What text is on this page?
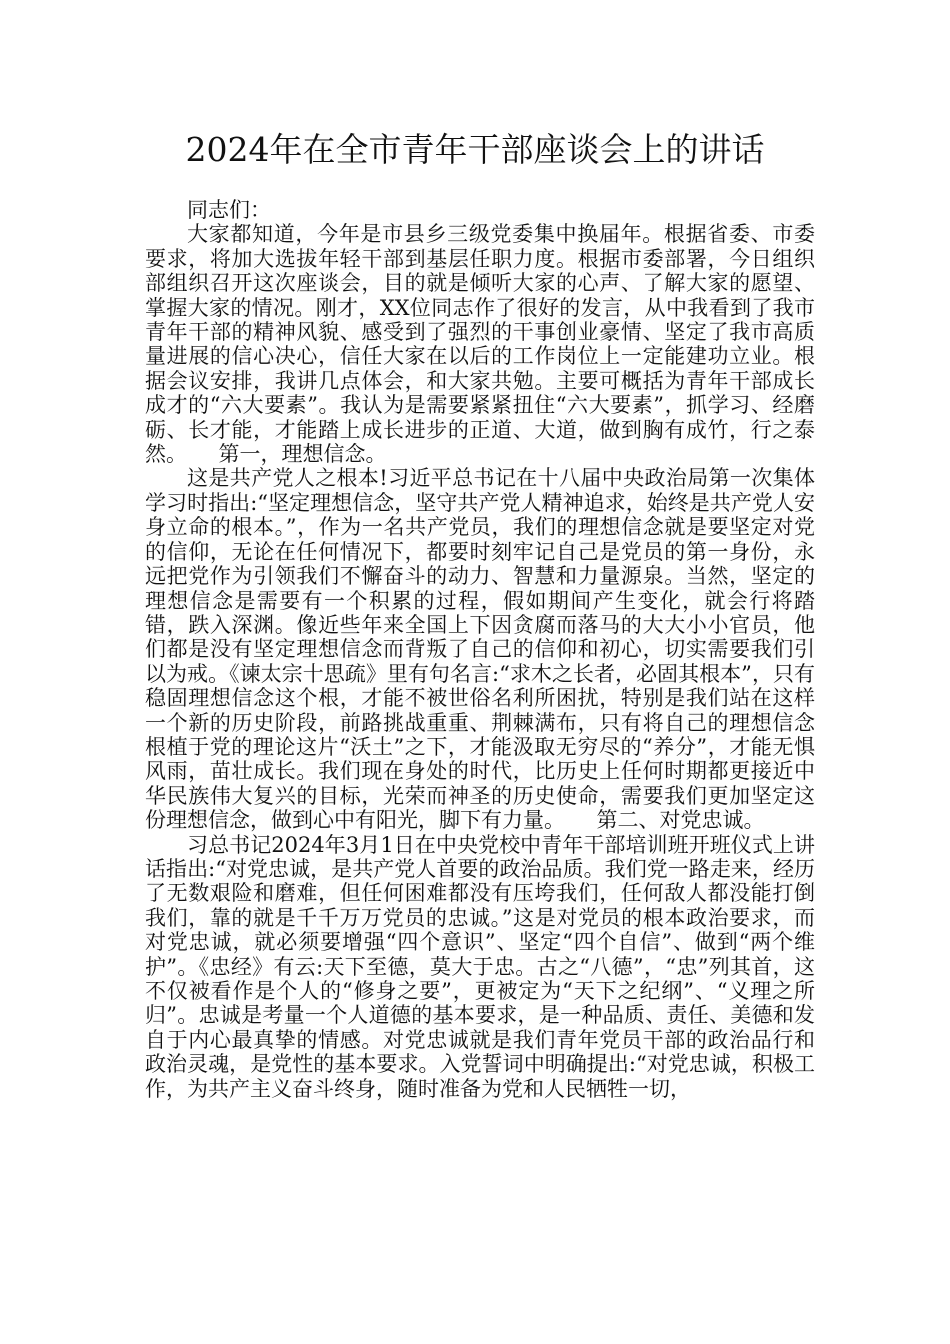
2024年在全市青年干部座谈会上的讲话

同志们：

大家都知道，今年是市县乡三级党委集中换届年。根据省委、市委要求，将加大选拔年轻干部到基层任职力度。根据市委部署，今日组织部组织召开这次座谈会，目的就是倾听大家的心声、了解大家的愿望、掌握大家的情况。刚才，XX位同志作了很好的发言，从中我看到了我市青年干部的精神风貌、感受到了强烈的干事创业豪情、坚定了我市高质量进展的信心决心，信任大家在以后的工作岗位上一定能建功立业。根据会议安排，我讲几点体会，和大家共勉。主要可概括为青年干部成长成才的“六大要素”。我认为是需要紧紧扭住“六大要素”，抓学习、经磨砺、长才能，才能踏上成长进步的正道、大道，做到胸有成竹，行之泰然。　　第一，理想信念。

这是共产党人之根本!习近平总书记在十八届中央政治局第一次集体学习时指出:“坚定理想信念，坚守共产党人精神追求，始终是共产党人安身立命的根本。”，作为一名共产党员，我们的理想信念就是要坚定对党的信仰，无论在任何情况下，都要时刻牢记自己是党员的第一身份，永远把党作为引领我们不懈奋斗的动力、智慧和力量源泉。当然，坚定的理想信念是需要有一个积累的过程，假如期间产生变化，就会行将踏错，跌入深渊。像近些年来全国上下因贪腐而落马的大大小小官员，他们都是没有坚定理想信念而背叛了自己的信仰和初心，切实需要我们引以为戒。《谏太宗十思疏》里有句名言:“求木之长者，必固其根本”，只有稳固理想信念这个根，才能不被世俗名利所困扰，特别是我们站在这样一个新的历史阶段，前路挑战重重、荆棘满布，只有将自己的理想信念根植于党的理论这片“沃土”之下，才能汲取无穷尽的“养分”，才能无惧风雨，苗壮成长。我们现在身处的时代，比历史上任何时期都更接近中华民族伟大复兴的目标，光荣而神圣的历史使命，需要我们更加坚定这份理想信念，做到心中有阳光，脚下有力量。　　第二、对党忠诚。

习总书记2024年3月1日在中央党校中青年干部培训班开班仪式上讲话指出:“对党忠诚，是共产党人首要的政治品质。我们党一路走来，经历了无数艰险和磨难，但任何困难都没有压垮我们，任何敌人都没能打倒我们，靠的就是千千万万党员的忠诚。”这是对党员的根本政治要求，而对党忠诚，就必须要增强“四个意识”、坚定“四个自信”、做到“两个维护”。《忠经》有云:天下至德，莫大于忠。古之“八德”，“忠”列其首，这不仅被看作是个人的“修身之要”，更被定为“天下之纪纲”、“义理之所归”。忠诚是考量一个人道德的基本要求，是一种品质、责任、美德和发自于内心最真挚的情感。对党忠诚就是我们青年党员干部的政治品行和政治灵魂，是党性的基本要求。入党誓词中明确提出:“对党忠诚，积极工作，为共产主义奋斗终身，随时准备为党和人民牺牲一切，
